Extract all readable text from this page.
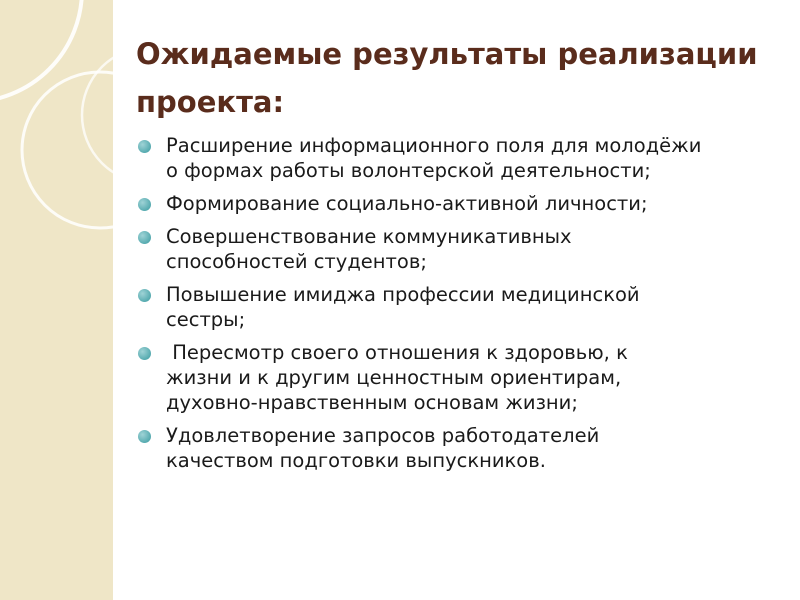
Ожидаемые результаты реализации
проекта:
Расширение информационного поля для молодёжи
о формах работы волонтерской деятельности;
Формирование социально-активной личности;
Совершенствование коммуникативных
способностей студентов;
Повышение имиджа профессии медицинской
сестры;
Пересмотр своего отношения к здоровью, к
жизни и к другим ценностным ориентирам,
духовно-нравственным основам жизни;
Удовлетворение запросов работодателей
качеством подготовки выпускников.
